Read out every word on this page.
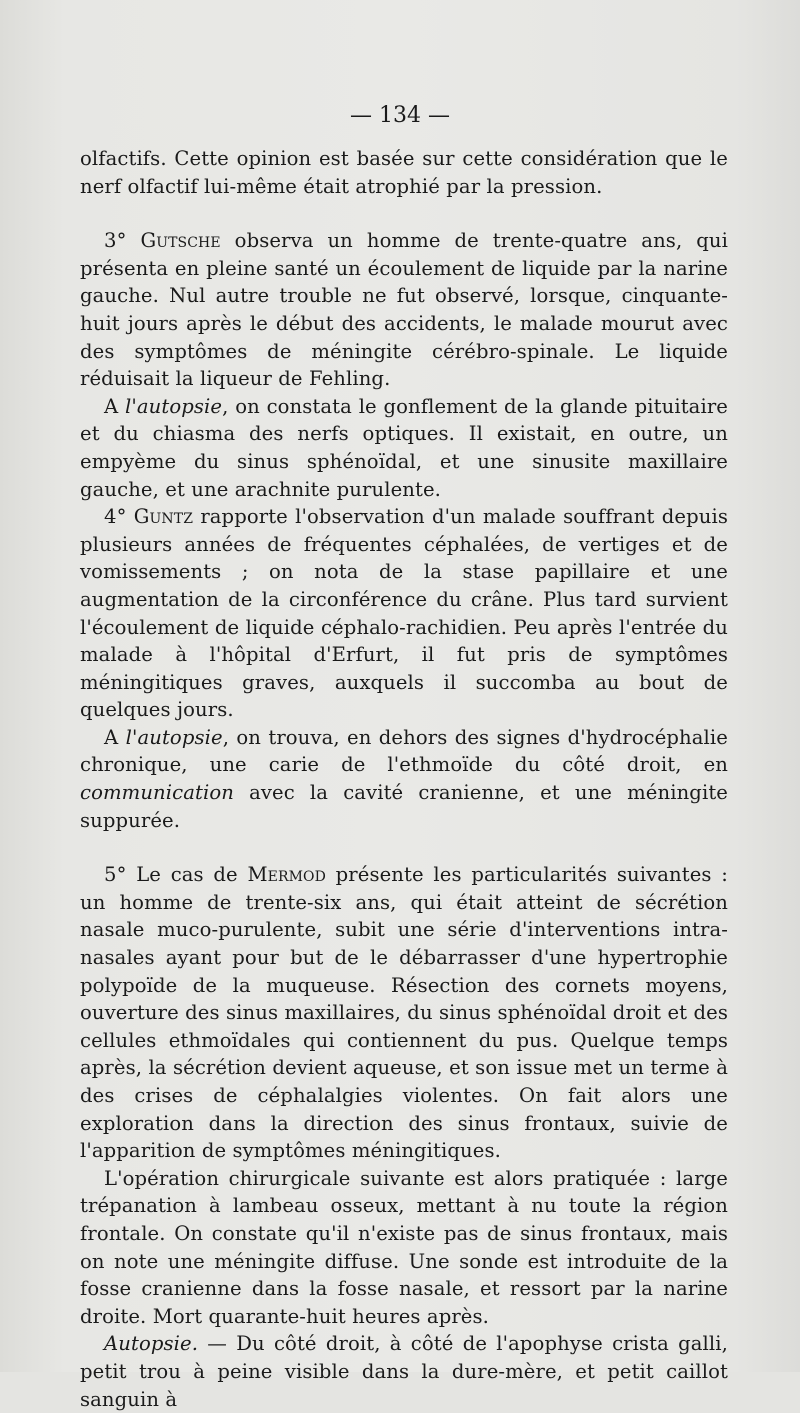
— 134 —

olfactifs. Cette opinion est basée sur cette considération que le nerf olfactif lui-même était atrophié par la pression.

3° Gutsche observa un homme de trente-quatre ans, qui présenta en pleine santé un écoulement de liquide par la narine gauche. Nul autre trouble ne fut observé, lorsque, cinquante-huit jours après le début des accidents, le malade mourut avec des symptômes de méningite cérébro-spinale. Le liquide réduisait la liqueur de Fehling.

A l'autopsie, on constata le gonflement de la glande pituitaire et du chiasma des nerfs optiques. Il existait, en outre, un empyème du sinus sphénoïdal, et une sinusite maxillaire gauche, et une arachnite purulente.

4° Guntz rapporte l'observation d'un malade souffrant depuis plusieurs années de fréquentes céphalées, de vertiges et de vomissements ; on nota de la stase papillaire et une augmentation de la circonférence du crâne. Plus tard survient l'écoulement de liquide céphalo-rachidien. Peu après l'entrée du malade à l'hôpital d'Erfurt, il fut pris de symptômes méningitiques graves, auxquels il succomba au bout de quelques jours.

A l'autopsie, on trouva, en dehors des signes d'hydrocéphalie chronique, une carie de l'ethmoïde du côté droit, en communication avec la cavité cranienne, et une méningite suppurée.

5° Le cas de Mermod présente les particularités suivantes : un homme de trente-six ans, qui était atteint de sécrétion nasale muco-purulente, subit une série d'interventions intra-nasales ayant pour but de le débarrasser d'une hypertrophie polypoïde de la muqueuse. Résection des cornets moyens, ouverture des sinus maxillaires, du sinus sphénoïdal droit et des cellules ethmoïdales qui contiennent du pus. Quelque temps après, la sécrétion devient aqueuse, et son issue met un terme à des crises de céphalalgies violentes. On fait alors une exploration dans la direction des sinus frontaux, suivie de l'apparition de symptômes méningitiques.

L'opération chirurgicale suivante est alors pratiquée : large trépanation à lambeau osseux, mettant à nu toute la région frontale. On constate qu'il n'existe pas de sinus frontaux, mais on note une méningite diffuse. Une sonde est introduite de la fosse cranienne dans la fosse nasale, et ressort par la narine droite. Mort quarante-huit heures après.

Autopsie. — Du côté droit, à côté de l'apophyse crista galli, petit trou à peine visible dans la dure-mère, et petit caillot sanguin à
